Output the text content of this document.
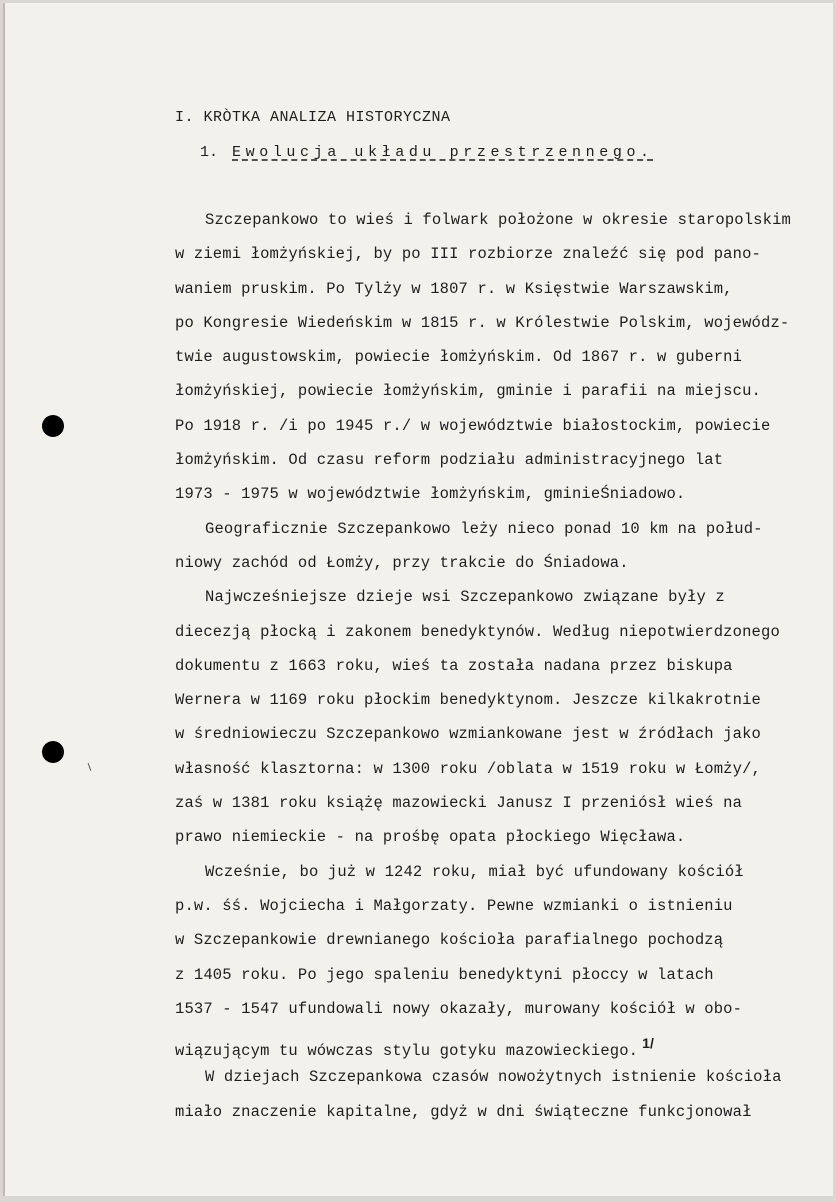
I. KRÒTKA ANALIZA HISTORYCZNA
1. Ewolucja układu przestrzennego.
Szczepankowo to wieś i folwark położone w okresie staropolskim
w ziemi łomżyńskiej, by po III rozbiorze znaleźć się pod pano-
waniem pruskim. Po Tylży w 1807 r. w Księstwie Warszawskim,
po Kongresie Wiedeńskim w 1815 r. w Królestwie Polskim, wojewódz-
twie augustowskim, powiecie łomżyńskim. Od 1867 r. w guberni
łomżyńskiej, powiecie łomżyńskim, gminie i parafii na miejscu.
Po 1918 r. /i po 1945 r./ w województwie białostockim, powiecie
łomżyńskim. Od czasu reform podziału administracyjnego lat
1973 - 1975 w województwie łomżyńskim, gminieŚniadowo.
Geograficznie Szczepankowo leży nieco ponad 10 km na połud-
niowy zachód od Łomży, przy trakcie do Śniadowa.
Najwcześniejsze dzieje wsi Szczepankowo związane były z
diecezją płocką i zakonem benedyktynów. Według niepotwierdzonego
dokumentu z 1663 roku, wieś ta została nadana przez biskupa
Wernera w 1169 roku płockim benedyktynom. Jeszcze kilkakrotnie
w średniowieczu Szczepankowo wzmiankowane jest w źródłach jako
własność klasztorna: w 1300 roku /oblata w 1519 roku w Łomży/,
zaś w 1381 roku książę mazowiecki Janusz I przeniósł wieś na
prawo niemieckie - na prośbę opata płockiego Więcława.
Wcześnie, bo już w 1242 roku, miał być ufundowany kościół
p.w. śś. Wojciecha i Małgorzaty. Pewne wzmianki o istnieniu
w Szczepankowie drewnianego kościoła parafialnego pochodzą
z 1405 roku. Po jego spaleniu benedyktyni płoccy w latach
1537 - 1547 ufundowali nowy okazały, murowany kościół w obo-
wiązującym tu wówczas stylu gotyku mazowieckiego. 1/
W dziejach Szczepankowa czasów nowożytnych istnienie kościoła
miało znaczenie kapitalne, gdyż w dni świąteczne funkcjonował
